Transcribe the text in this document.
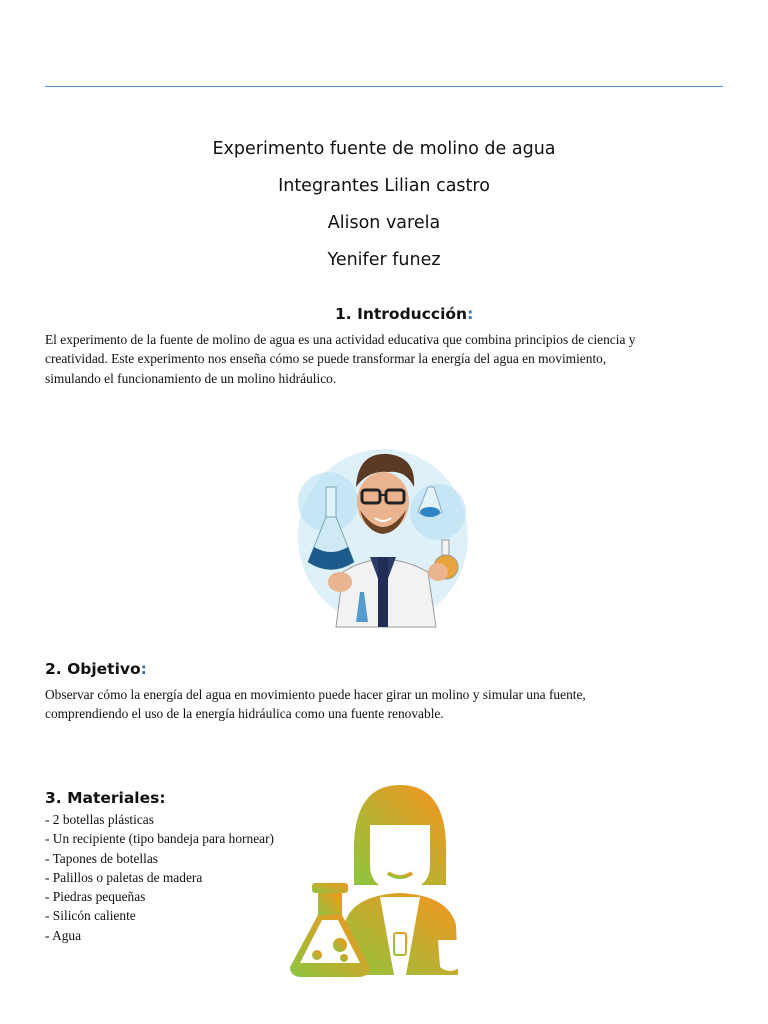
Experimento fuente de molino de agua
Integrantes Lilian castro
Alison varela
Yenifer funez
1. Introducción:

El experimento de la fuente de molino de agua es una actividad educativa que combina principios de ciencia y

creatividad. Este experimento nos enseña cómo se puede transformar la energía del agua en movimiento,

simulando el funcionamiento de un molino hidráulico.

2. Objetivo:

Observar cómo la energía del agua en movimiento puede hacer girar un molino y simular una fuente,

comprendiendo el uso de la energía hidráulica como una fuente renovable.

3. Materiales:
- 2 botellas plásticas
- Un recipiente (tipo bandeja para hornear)
- Tapones de botellas
- Palillos o paletas de madera
- Piedras pequeñas
- Silicón caliente
- Agua
